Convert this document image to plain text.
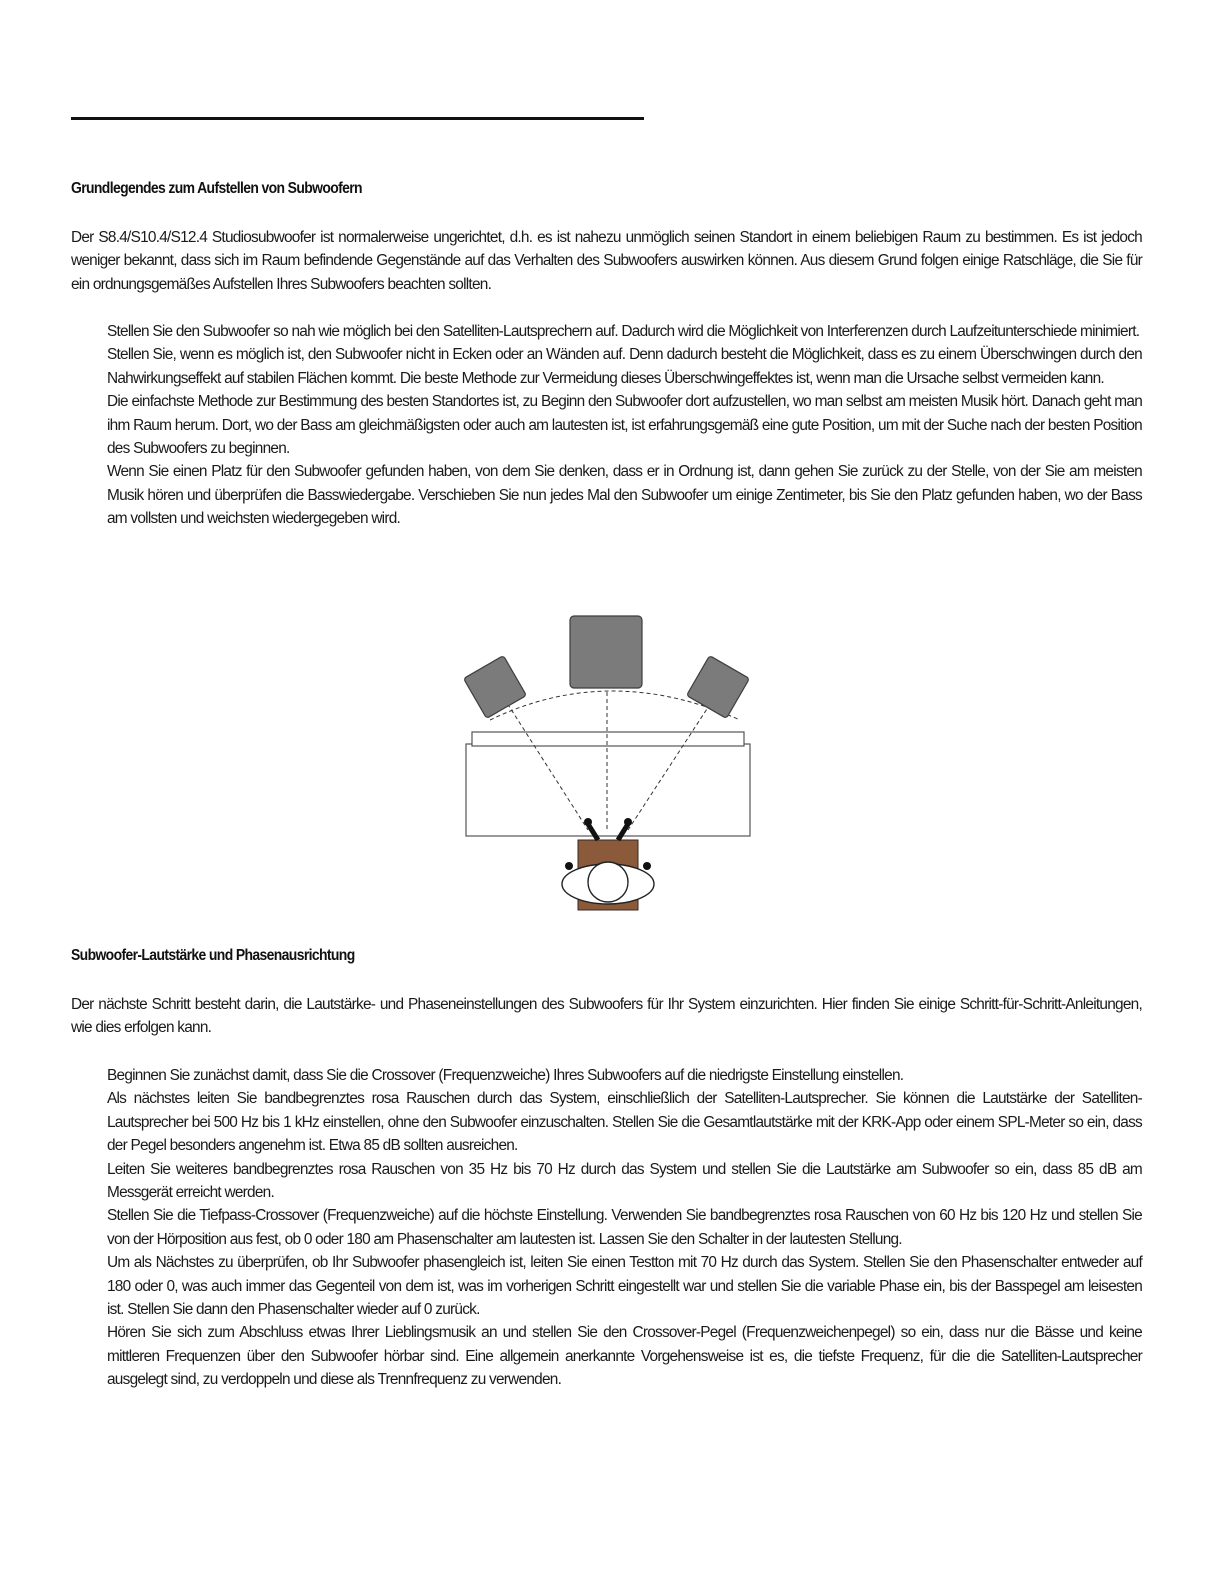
Grundlegendes zum Aufstellen von Subwoofern

Der S8.4/S10.4/S12.4 Studiosubwoofer ist normalerweise ungerichtet, d.h. es ist nahezu unmöglich seinen Standort in einem beliebigen Raum zu bestimmen. Es ist jedoch weniger bekannt, dass sich im Raum befindende Gegenstände auf das Verhalten des Subwoofers auswirken können. Aus diesem Grund folgen einige Ratschläge, die Sie für ein ordnungsgemäßes Aufstellen Ihres Subwoofers beachten sollten.

Stellen Sie den Subwoofer so nah wie möglich bei den Satelliten-Lautsprechern auf. Dadurch wird die Möglichkeit von Interferenzen durch Laufzeitunterschiede minimiert.
Stellen Sie, wenn es möglich ist, den Subwoofer nicht in Ecken oder an Wänden auf. Denn dadurch besteht die Möglichkeit, dass es zu einem Überschwingen durch den Nahwirkungseffekt auf stabilen Flächen kommt. Die beste Methode zur Vermeidung dieses Überschwingeffektes ist, wenn man die Ursache selbst vermeiden kann.
Die einfachste Methode zur Bestimmung des besten Standortes ist, zu Beginn den Subwoofer dort aufzustellen, wo man selbst am meisten Musik hört. Danach geht man ihm Raum herum. Dort, wo der Bass am gleichmäßigsten oder auch am lautesten ist, ist erfahrungsgemäß eine gute Position, um mit der Suche nach der besten Position des Subwoofers zu beginnen.
Wenn Sie einen Platz für den Subwoofer gefunden haben, von dem Sie denken, dass er in Ordnung ist, dann gehen Sie zurück zu der Stelle, von der Sie am meisten Musik hören und überprüfen die Basswiedergabe. Verschieben Sie nun jedes Mal den Subwoofer um einige Zentimeter, bis Sie den Platz gefunden haben, wo der Bass am vollsten und weichsten wiedergegeben wird.
Subwoofer-Lautstärke und Phasenausrichtung

Der nächste Schritt besteht darin, die Lautstärke- und Phaseneinstellungen des Subwoofers für Ihr System einzurichten. Hier finden Sie einige Schritt-für-Schritt-Anleitungen, wie dies erfolgen kann.

Beginnen Sie zunächst damit, dass Sie die Crossover (Frequenzweiche) Ihres Subwoofers auf die niedrigste Einstellung einstellen.
Als nächstes leiten Sie bandbegrenztes rosa Rauschen durch das System, einschließlich der Satelliten-Lautsprecher. Sie können die Lautstärke der Satelliten-Lautsprecher bei 500 Hz bis 1 kHz einstellen, ohne den Subwoofer einzuschalten. Stellen Sie die Gesamtlautstärke mit der KRK-App oder einem SPL-Meter so ein, dass der Pegel besonders angenehm ist. Etwa 85 dB sollten ausreichen.
Leiten Sie weiteres bandbegrenztes rosa Rauschen von 35 Hz bis 70 Hz durch das System und stellen Sie die Lautstärke am Subwoofer so ein, dass 85 dB am Messgerät erreicht werden.
Stellen Sie die Tiefpass-Crossover (Frequenzweiche) auf die höchste Einstellung. Verwenden Sie bandbegrenztes rosa Rauschen von 60 Hz bis 120 Hz und stellen Sie von der Hörposition aus fest, ob 0 oder 180 am Phasenschalter am lautesten ist. Lassen Sie den Schalter in der lautesten Stellung.
Um als Nächstes zu überprüfen, ob Ihr Subwoofer phasengleich ist, leiten Sie einen Testton mit 70 Hz durch das System. Stellen Sie den Phasenschalter entweder auf 180 oder 0, was auch immer das Gegenteil von dem ist, was im vorherigen Schritt eingestellt war und stellen Sie die variable Phase ein, bis der Basspegel am leisesten ist. Stellen Sie dann den Phasenschalter wieder auf 0 zurück.
Hören Sie sich zum Abschluss etwas Ihrer Lieblingsmusik an und stellen Sie den Crossover-Pegel (Frequenzweichenpegel) so ein, dass nur die Bässe und keine mittleren Frequenzen über den Subwoofer hörbar sind. Eine allgemein anerkannte Vorgehensweise ist es, die tiefste Frequenz, für die die Satelliten-Lautsprecher ausgelegt sind, zu verdoppeln und diese als Trennfrequenz zu verwenden.
